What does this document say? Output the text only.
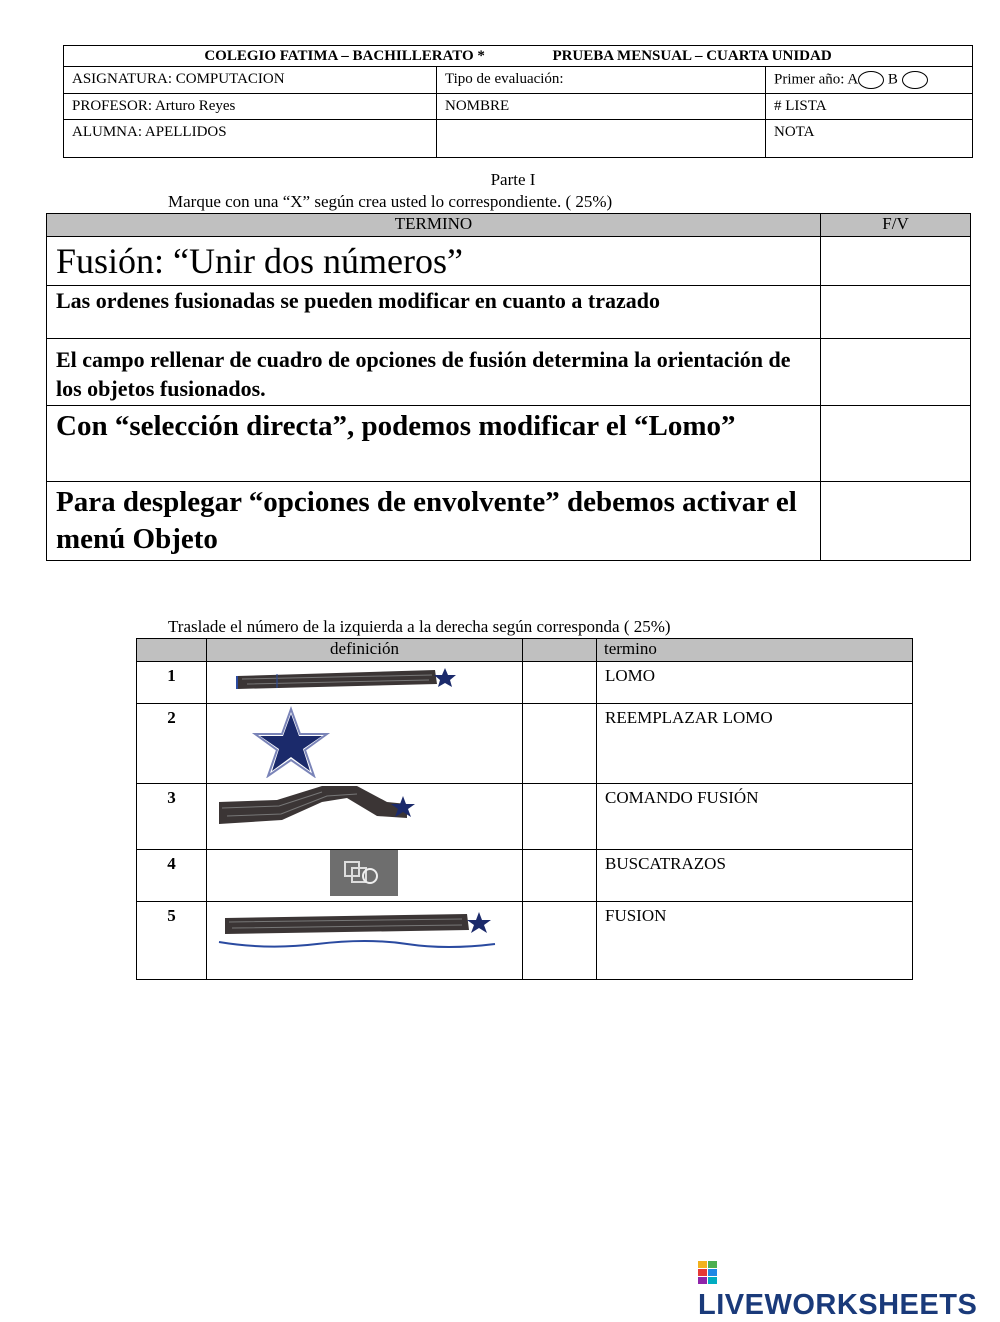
COLEGIO FATIMA – BACHILLERATO * PRUEBA MENSUAL – CUARTA UNIDAD		
ASIGNATURA: COMPUTACION	Tipo de evaluación:	Primer año: A B
PROFESOR: Arturo Reyes	NOMBRE	# LISTA
ALUMNA: APELLIDOS		NOTA
Parte I
Marque con una “X” según crea usted lo correspondiente. ( 25%)
TERMINO	F/V
Fusión: “Unir dos números”	
Las ordenes fusionadas se pueden modificar en cuanto a trazado	
El campo rellenar de cuadro de opciones de fusión determina la orientación de los objetos fusionados.	
Con “selección directa”, podemos modificar el “Lomo”	
Para desplegar “opciones de envolvente” debemos activar el menú Objeto	
Traslade el número de la izquierda a la derecha según corresponda ( 25%)
	definición		termino
1			LOMO
2			REEMPLAZAR LOMO
3			COMANDO FUSIÓN
4			BUSCATRAZOS
5			FUSION
LIVEWORKSHEETS
